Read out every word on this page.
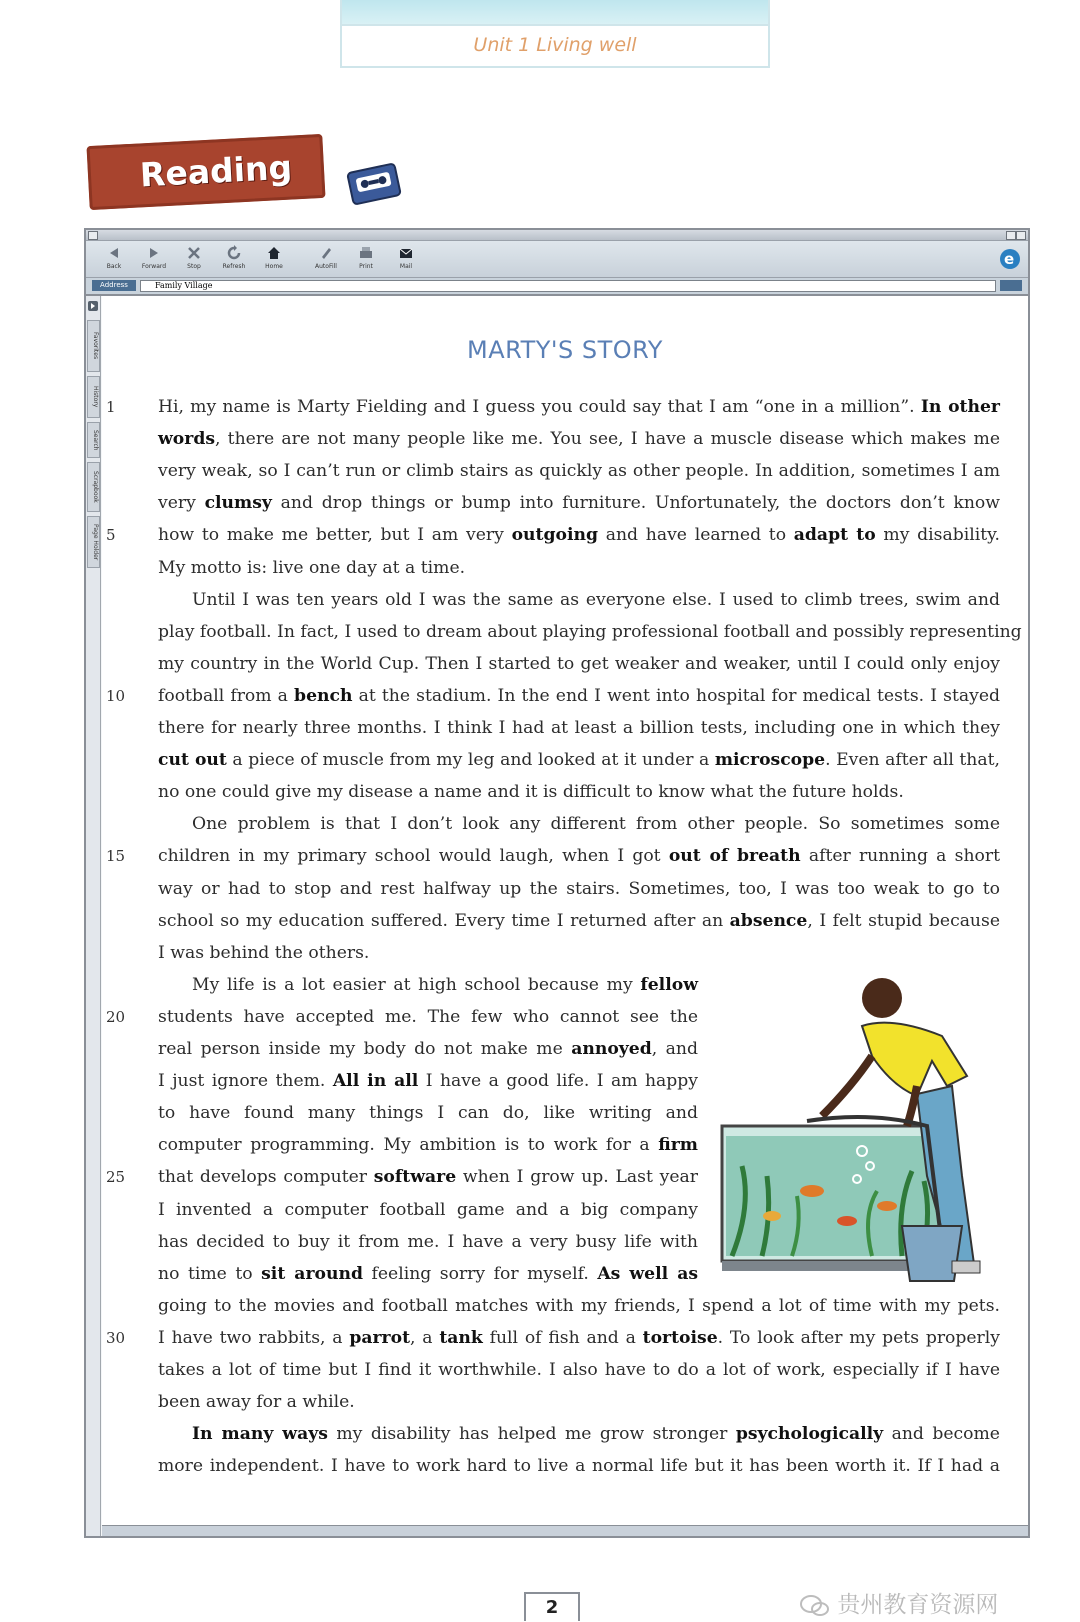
Unit 1 Living well
Reading
Back	Forward	Stop	Refresh	Home	AutoFill	Print	Mail	e
Address	Family Village
Favorites
History
Search
Scrapbook
Page Holder
MARTY'S STORY
1
5
10
15
20
25
30
Hi, my name is Marty Fielding and I guess you could say that I am “one in a million”. In other
words, there are not many people like me. You see, I have a muscle disease which makes me
very weak, so I can’t run or climb stairs as quickly as other people. In addition, sometimes I am
very clumsy and drop things or bump into furniture. Unfortunately, the doctors don’t know
how to make me better, but I am very outgoing and have learned to adapt to my disability.
My motto is: live one day at a time.
Until I was ten years old I was the same as everyone else. I used to climb trees, swim and
play football. In fact, I used to dream about playing professional football and possibly representing
my country in the World Cup. Then I started to get weaker and weaker, until I could only enjoy
football from a bench at the stadium. In the end I went into hospital for medical tests. I stayed
there for nearly three months. I think I had at least a billion tests, including one in which they
cut out a piece of muscle from my leg and looked at it under a microscope. Even after all that,
no one could give my disease a name and it is difficult to know what the future holds.
One problem is that I don’t look any different from other people. So sometimes some
children in my primary school would laugh, when I got out of breath after running a short
way or had to stop and rest halfway up the stairs. Sometimes, too, I was too weak to go to
school so my education suffered. Every time I returned after an absence, I felt stupid because
I was behind the others.
My life is a lot easier at high school because my fellow
students have accepted me. The few who cannot see the
real person inside my body do not make me annoyed, and
I just ignore them. All in all I have a good life. I am happy
to have found many things I can do, like writing and
computer programming. My ambition is to work for a firm
that develops computer software when I grow up. Last year
I invented a computer football game and a big company
has decided to buy it from me. I have a very busy life with
no time to sit around feeling sorry for myself. As well as
going to the movies and football matches with my friends, I spend a lot of time with my pets.
I have two rabbits, a parrot, a tank full of fish and a tortoise. To look after my pets properly
takes a lot of time but I find it worthwhile. I also have to do a lot of work, especially if I have
been away for a while.
In many ways my disability has helped me grow stronger psychologically and become
more independent. I have to work hard to live a normal life but it has been worth it. If I had a
2	贵州教育资源网
